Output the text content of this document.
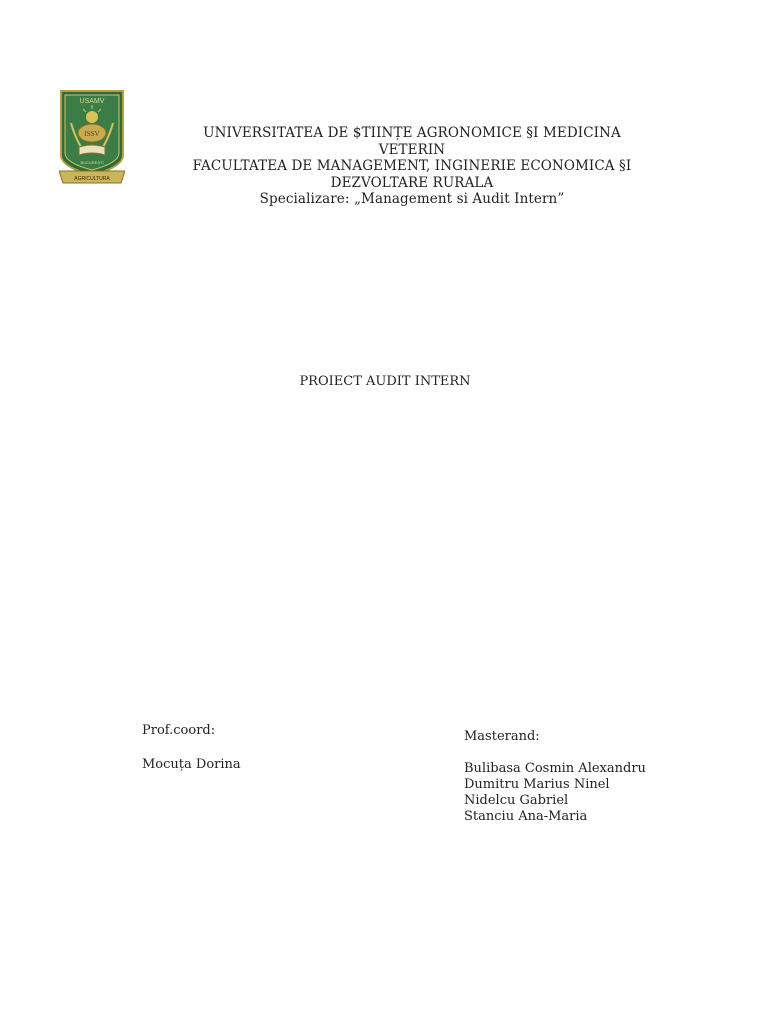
USAMV
ISSV
BUCUREŞTI
AGRICULTURA
UNIVERSITATEA DE $TIINȚE AGRONOMICE §I MEDICINA
VETERIN
FACULTATEA DE MANAGEMENT, INGINERIE ECONOMICA §I
DEZVOLTARE RURALA
Specializare: „Management si Audit Intern”
PROIECT AUDIT INTERN
Prof.coord:
Mocuța Dorina
Masterand:
Bulibasa Cosmin Alexandru
Dumitru Marius Ninel
Nidelcu Gabriel
Stanciu Ana-Maria
